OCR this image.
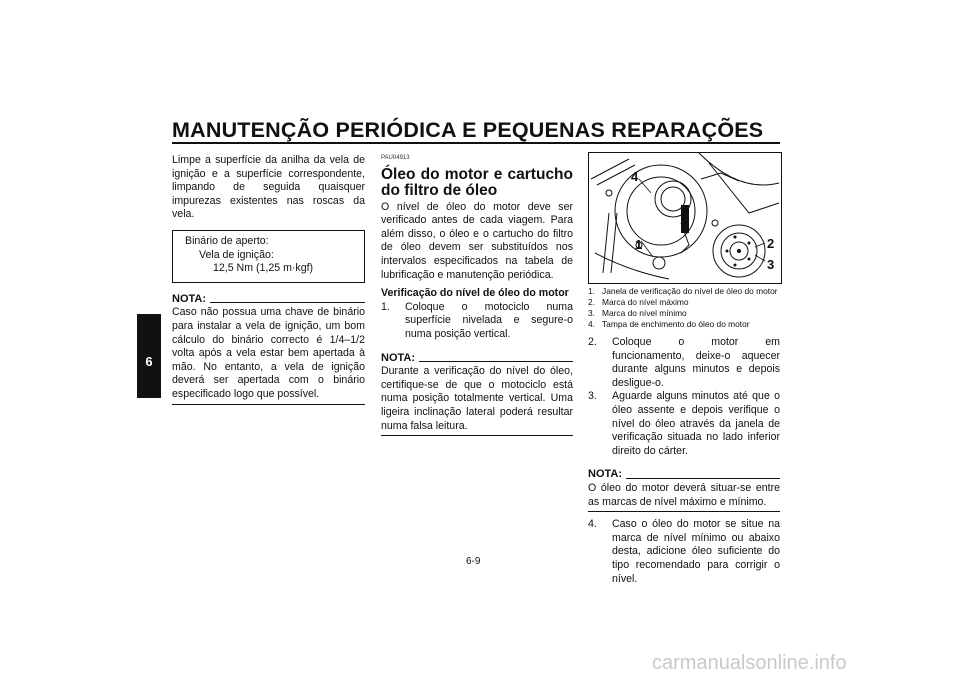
MANUTENÇÃO PERIÓDICA E PEQUENAS REPARAÇÕES
6

Limpe a superfície da anilha da vela de ignição e a superfície correspondente, limpando de seguida quaisquer impurezas existentes nas roscas da vela.

Binário de aperto:
Vela de ignição:
12,5 Nm (1,25 m·kgf)
NOTA:

Caso não possua uma chave de binário para instalar a vela de ignição, um bom cálculo do binário correcto é 1/4–1/2 volta após a vela estar bem apertada à mão. No entanto, a vela de ignição deverá ser apertada com o binário especificado logo que possível.

PAU04913
Óleo do motor e cartucho do filtro de óleo

O nível de óleo do motor deve ser verificado antes de cada viagem. Para além disso, o óleo e o cartucho do filtro de óleo devem ser substituídos nos intervalos especificados na tabela de lubrificação e manutenção periódica.

Verificação do nível de óleo do motor
1.	Coloque o motociclo numa superfície nivelada e segure-o numa posição vertical.
NOTA:

Durante a verificação do nível do óleo, certifique-se de que o motociclo está numa posição totalmente vertical. Uma ligeira inclinação lateral poderá resultar numa falsa leitura.

4
1	2
3
1. Janela de verificação do nível de óleo do motor
2. Marca do nível máximo
3. Marca do nível mínimo
4. Tampa de enchimento do óleo do motor
2.	Coloque o motor em funcionamento, deixe-o aquecer durante alguns minutos e depois desligue-o.
3.	Aguarde alguns minutos até que o óleo assente e depois verifique o nível do óleo através da janela de verificação situada no lado inferior direito do cárter.
NOTA:

O óleo do motor deverá situar-se entre as marcas de nível máximo e mínimo.

4.	Caso o óleo do motor se situe na marca de nível mínimo ou abaixo desta, adicione óleo suficiente do tipo recomendado para corrigir o nível.
6-9
carmanualsonline.info
